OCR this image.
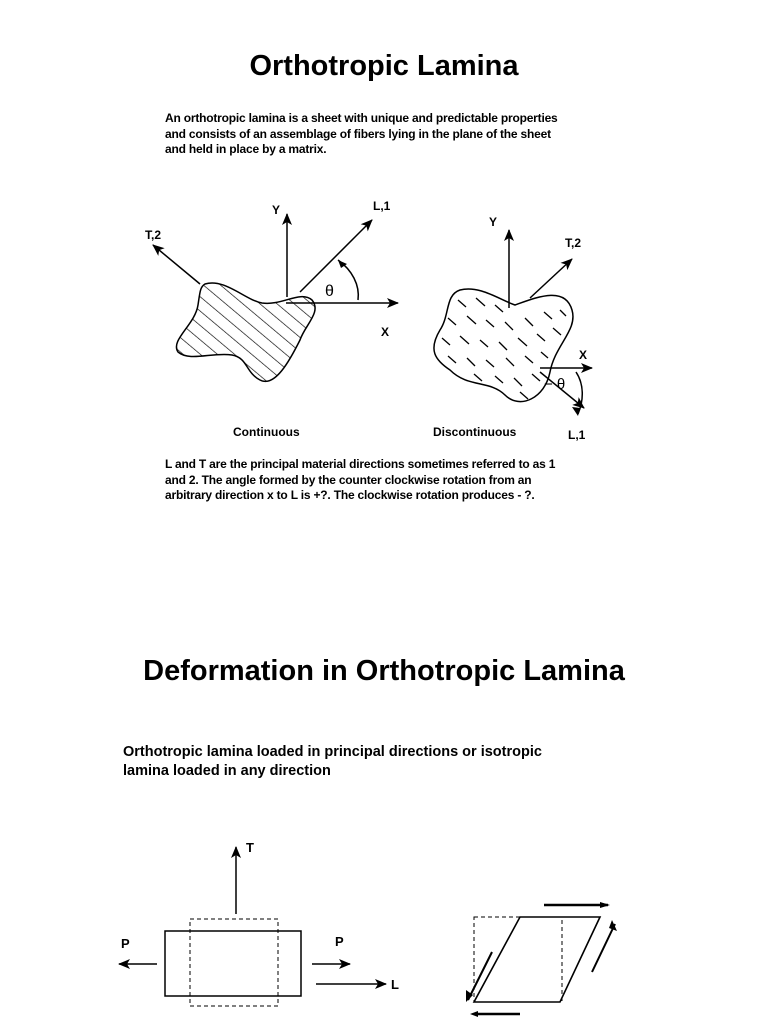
Orthotropic Lamina
An orthotropic lamina is a sheet with unique and predictable properties
and consists of an assemblage of fibers lying in the plane of the sheet
and held in place by a matrix.
Y	L,1
T,2
X
θ
Continuous
Y
T,2
X
L,1
− θ
Discontinuous
T
P	P
L
L and T are the principal material directions sometimes referred to as 1
and 2. The angle formed by the counter clockwise rotation from an
arbitrary direction x to L is +?. The clockwise rotation produces - ?.
Deformation in Orthotropic Lamina
Orthotropic lamina loaded in principal directions or isotropic
lamina loaded in any direction
